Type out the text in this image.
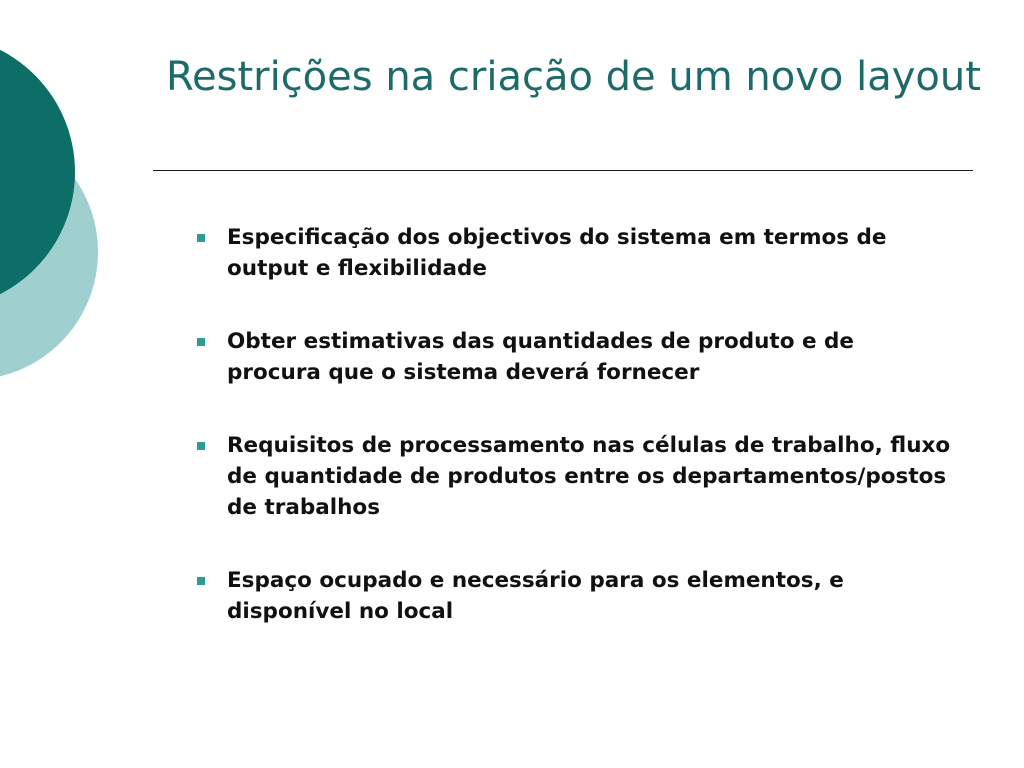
Restrições na criação de um novo layout
Especificação dos objectivos do sistema em termos de output e flexibilidade
Obter estimativas das quantidades de produto e de procura que o sistema deverá fornecer
Requisitos de processamento nas células de trabalho, fluxo de quantidade de produtos entre os departamentos/postos de trabalhos
Espaço ocupado e necessário para os elementos, e disponível no local
